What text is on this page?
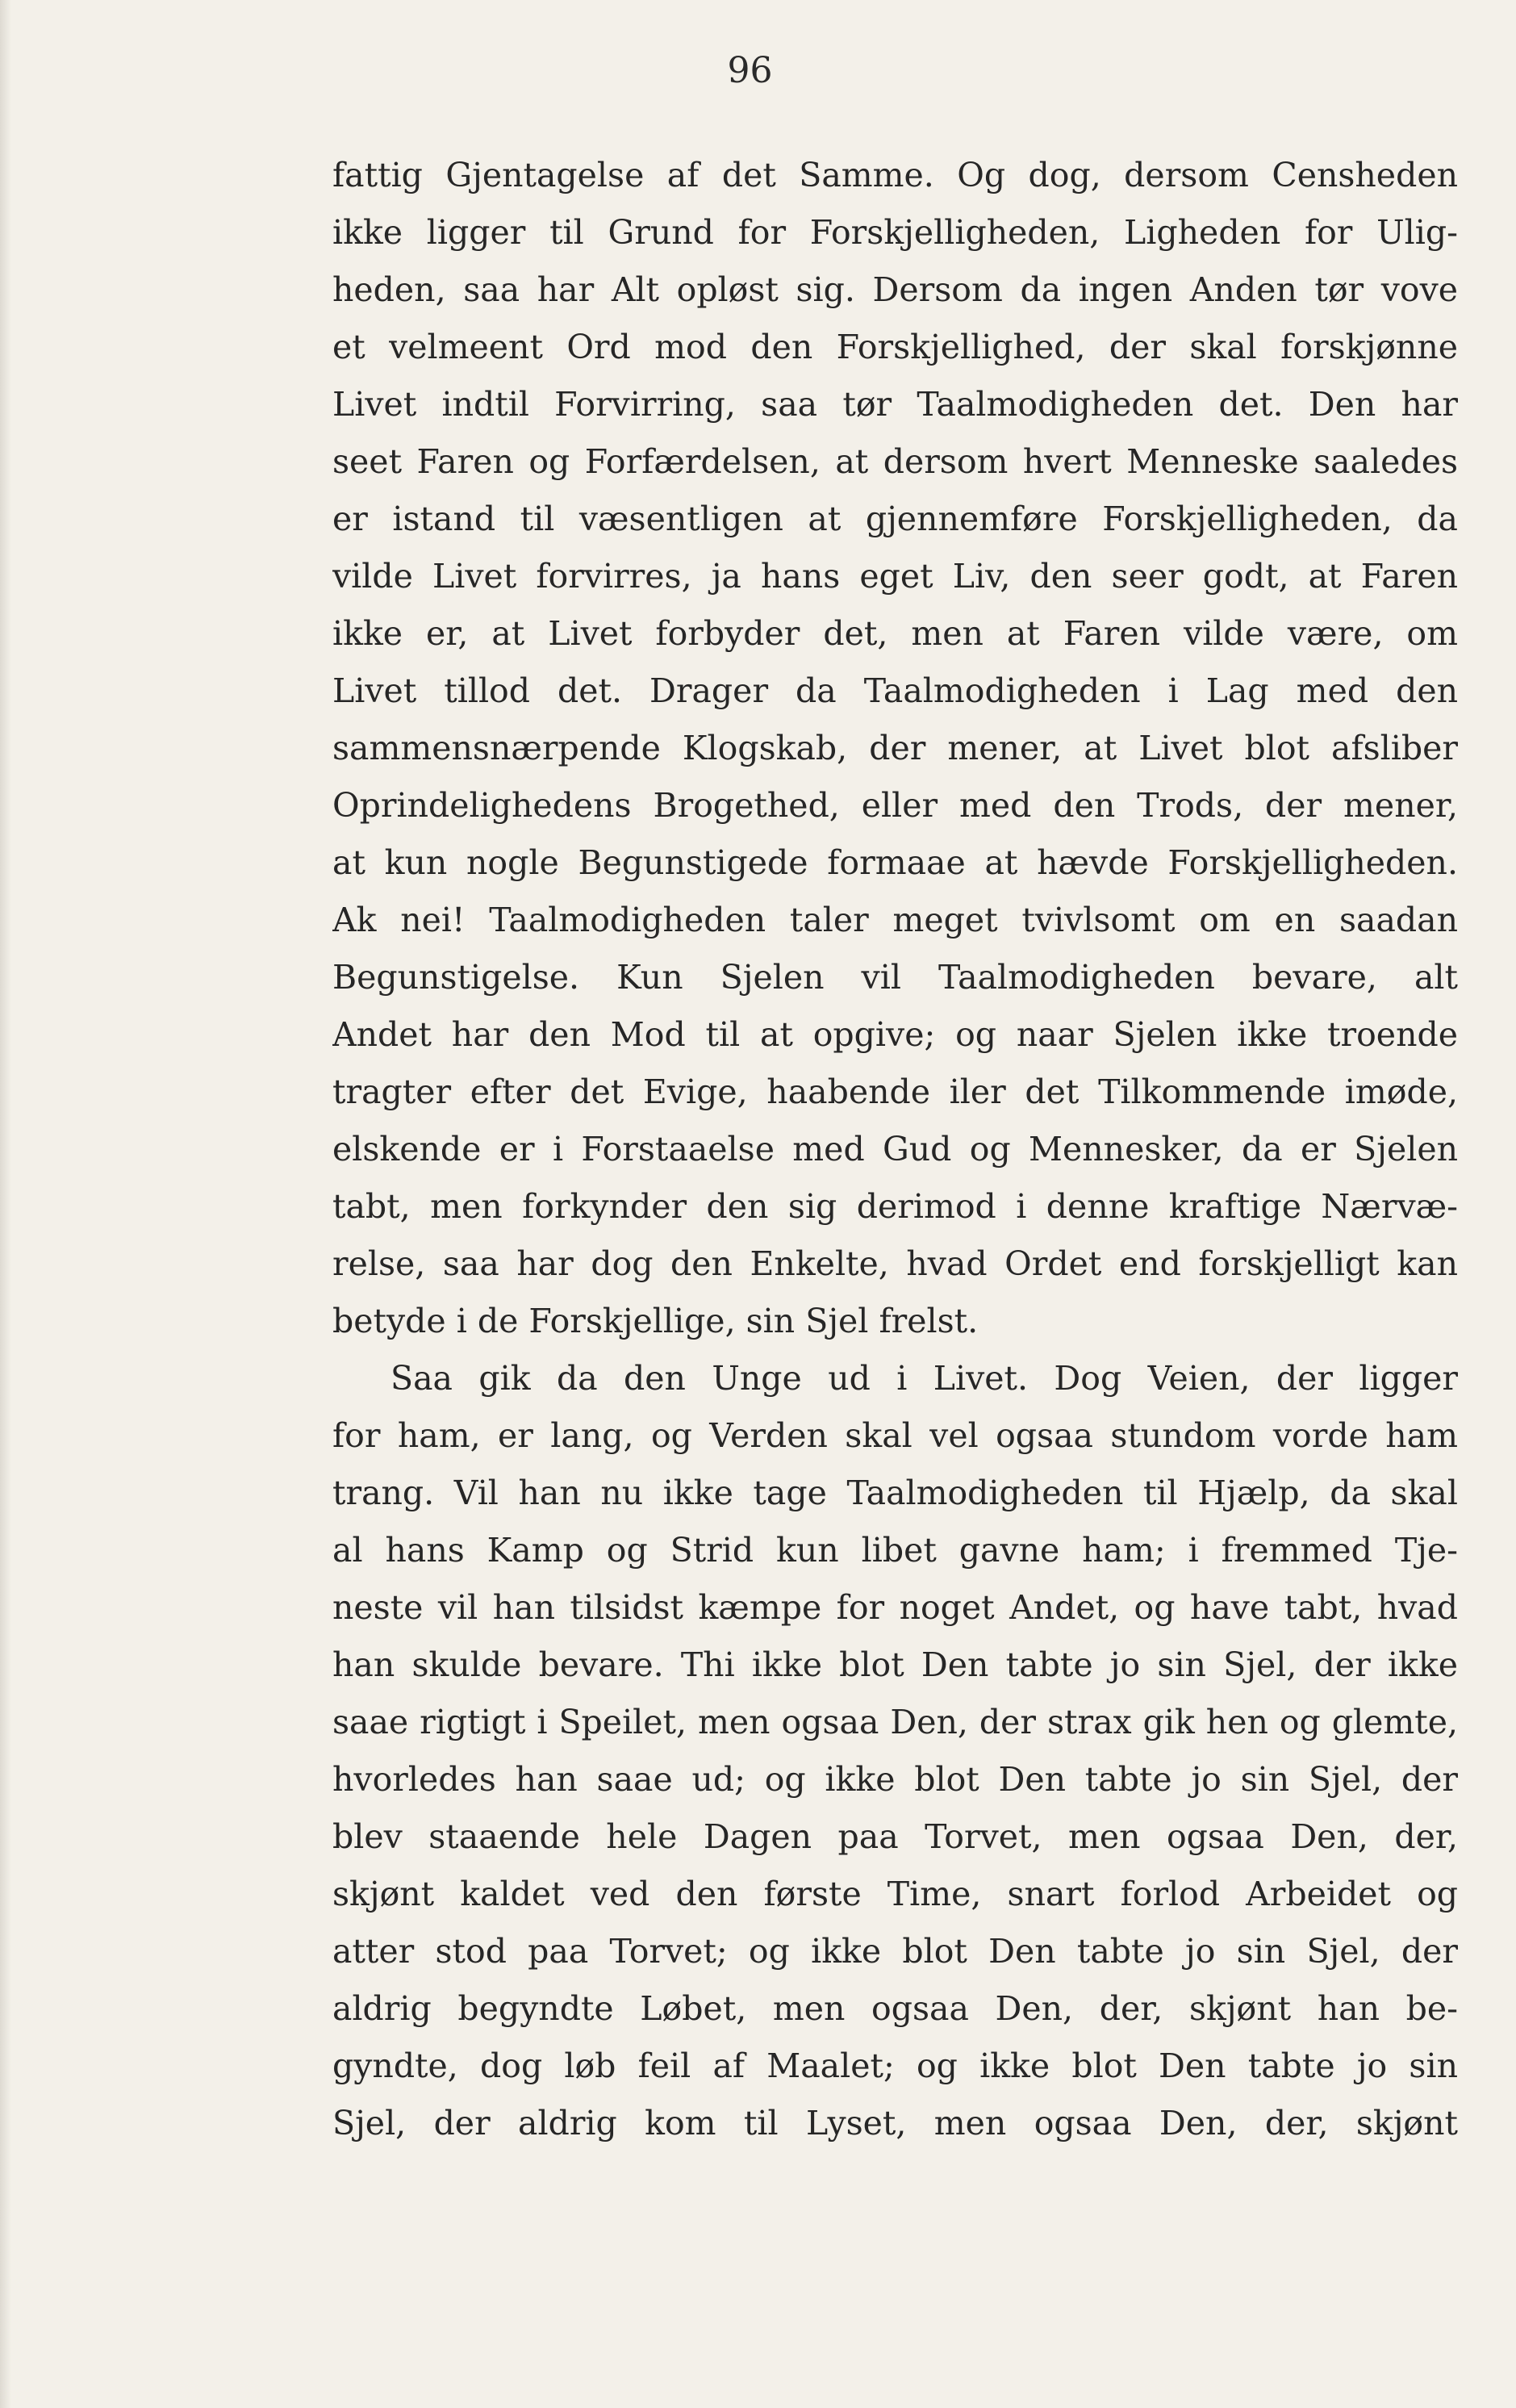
96
fattig Gjentagelse af det Samme. Og dog, dersom Censheden
ikke ligger til Grund for Forskjelligheden, Ligheden for Ulig-
heden, saa har Alt opløst sig. Dersom da ingen Anden tør vove
et velmeent Ord mod den Forskjellighed, der skal forskjønne
Livet indtil Forvirring, saa tør Taalmodigheden det. Den har
seet Faren og Forfærdelsen, at dersom hvert Menneske saaledes
er istand til væsentligen at gjennemføre Forskjelligheden, da
vilde Livet forvirres, ja hans eget Liv, den seer godt, at Faren
ikke er, at Livet forbyder det, men at Faren vilde være, om
Livet tillod det. Drager da Taalmodigheden i Lag med den
sammensnærpende Klogskab, der mener, at Livet blot afsliber
Oprindelighedens Brogethed, eller med den Trods, der mener,
at kun nogle Begunstigede formaae at hævde Forskjelligheden.
Ak nei! Taalmodigheden taler meget tvivlsomt om en saadan
Begunstigelse. Kun Sjelen vil Taalmodigheden bevare, alt
Andet har den Mod til at opgive; og naar Sjelen ikke troende
tragter efter det Evige, haabende iler det Tilkommende imøde,
elskende er i Forstaaelse med Gud og Mennesker, da er Sjelen
tabt, men forkynder den sig derimod i denne kraftige Nærvæ-
relse, saa har dog den Enkelte, hvad Ordet end forskjelligt kan
betyde i de Forskjellige, sin Sjel frelst.
Saa gik da den Unge ud i Livet. Dog Veien, der ligger
for ham, er lang, og Verden skal vel ogsaa stundom vorde ham
trang. Vil han nu ikke tage Taalmodigheden til Hjælp, da skal
al hans Kamp og Strid kun libet gavne ham; i fremmed Tje-
neste vil han tilsidst kæmpe for noget Andet, og have tabt, hvad
han skulde bevare. Thi ikke blot Den tabte jo sin Sjel, der ikke
saae rigtigt i Speilet, men ogsaa Den, der strax gik hen og glemte,
hvorledes han saae ud; og ikke blot Den tabte jo sin Sjel, der
blev staaende hele Dagen paa Torvet, men ogsaa Den, der,
skjønt kaldet ved den første Time, snart forlod Arbeidet og
atter stod paa Torvet; og ikke blot Den tabte jo sin Sjel, der
aldrig begyndte Løbet, men ogsaa Den, der, skjønt han be-
gyndte, dog løb feil af Maalet; og ikke blot Den tabte jo sin
Sjel, der aldrig kom til Lyset, men ogsaa Den, der, skjønt
